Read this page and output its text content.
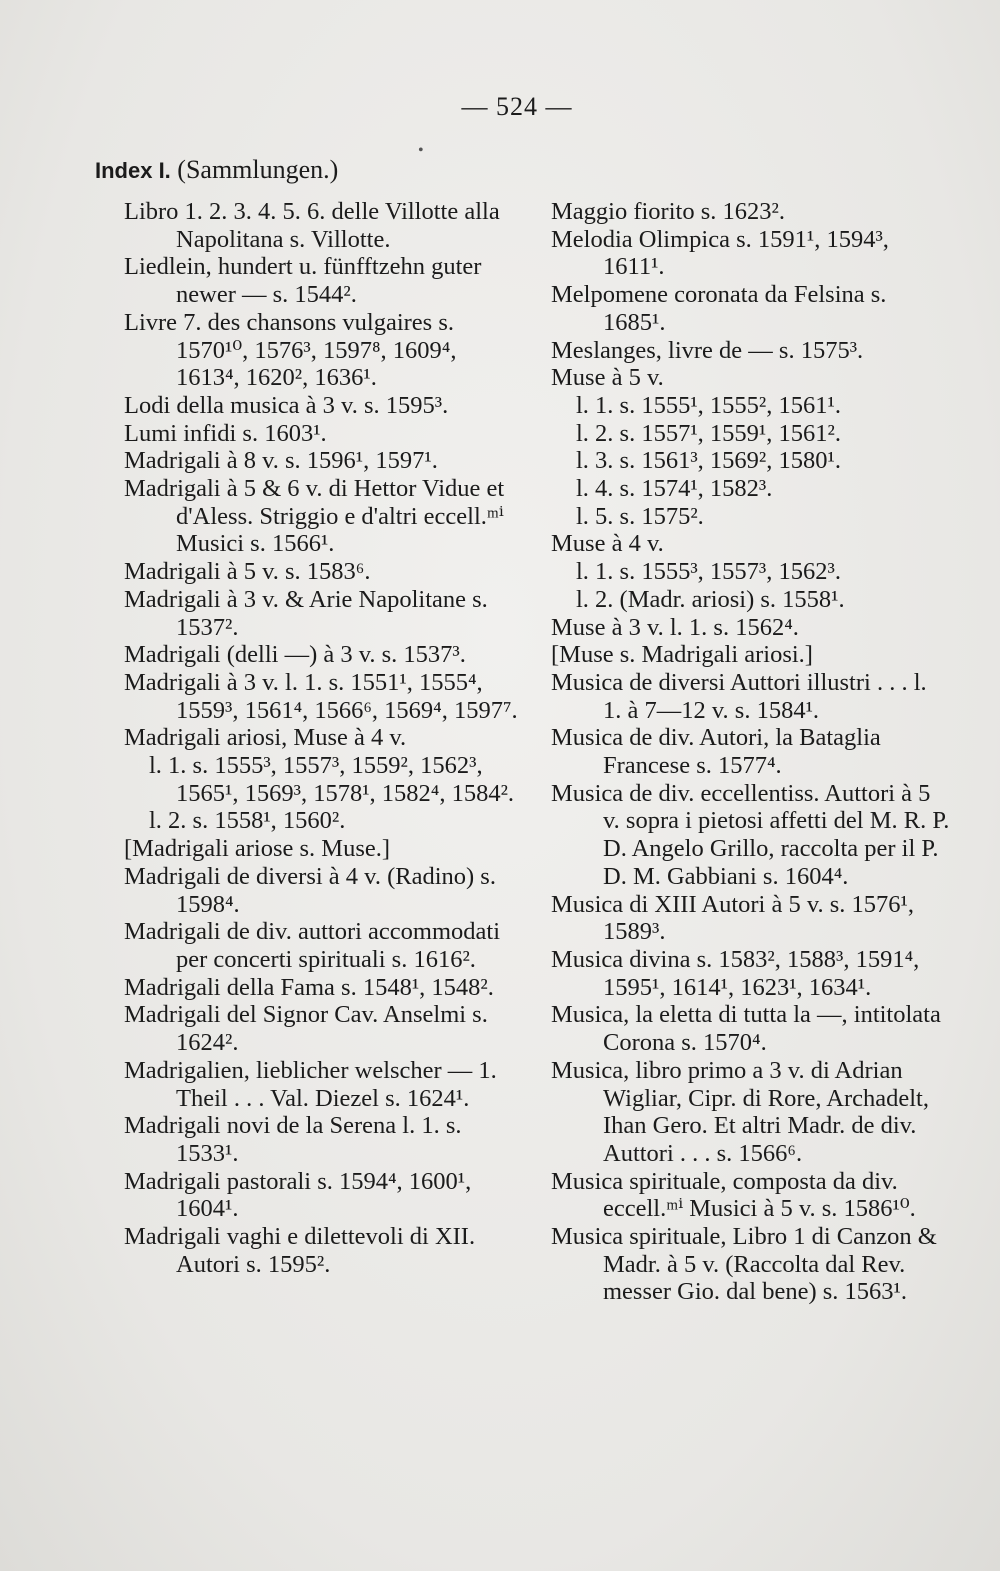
— 524 —
•
Index I. (Sammlungen.)

Libro 1. 2. 3. 4. 5. 6. delle Villotte alla Napolitana s. Villotte.

Liedlein, hundert u. fünfftzehn guter newer — s. 1544².

Livre 7. des chansons vulgaires s. 1570¹⁰, 1576³, 1597⁸, 1609⁴, 1613⁴, 1620², 1636¹.

Lodi della musica à 3 v. s. 1595³.

Lumi infidi s. 1603¹.

Madrigali à 8 v. s. 1596¹, 1597¹.

Madrigali à 5 & 6 v. di Hettor Vidue et d'Aless. Striggio e d'altri eccell.ᵐⁱ Musici s. 1566¹.

Madrigali à 5 v. s. 1583⁶.

Madrigali à 3 v. & Arie Napolitane s. 1537².

Madrigali (delli —) à 3 v. s. 1537³.

Madrigali à 3 v. l. 1. s. 1551¹, 1555⁴, 1559³, 1561⁴, 1566⁶, 1569⁴, 1597⁷.

Madrigali ariosi, Muse à 4 v.

l. 1. s. 1555³, 1557³, 1559², 1562³, 1565¹, 1569³, 1578¹, 1582⁴, 1584².

l. 2. s. 1558¹, 1560².

[Madrigali ariose s. Muse.]

Madrigali de diversi à 4 v. (Radino) s. 1598⁴.

Madrigali de div. auttori accommodati per concerti spirituali s. 1616².

Madrigali della Fama s. 1548¹, 1548².

Madrigali del Signor Cav. Anselmi s. 1624².

Madrigalien, lieblicher welscher — 1. Theil . . . Val. Diezel s. 1624¹.

Madrigali novi de la Serena l. 1. s. 1533¹.

Madrigali pastorali s. 1594⁴, 1600¹, 1604¹.

Madrigali vaghi e dilettevoli di XII. Autori s. 1595².

Maggio fiorito s. 1623².

Melodia Olimpica s. 1591¹, 1594³, 1611¹.

Melpomene coronata da Felsina s. 1685¹.

Meslanges, livre de — s. 1575³.

Muse à 5 v.

l. 1. s. 1555¹, 1555², 1561¹.

l. 2. s. 1557¹, 1559¹, 1561².

l. 3. s. 1561³, 1569², 1580¹.

l. 4. s. 1574¹, 1582³.

l. 5. s. 1575².

Muse à 4 v.

l. 1. s. 1555³, 1557³, 1562³.

l. 2. (Madr. ariosi) s. 1558¹.

Muse à 3 v. l. 1. s. 1562⁴.

[Muse s. Madrigali ariosi.]

Musica de diversi Auttori illustri . . . l. 1. à 7—12 v. s. 1584¹.

Musica de div. Autori, la Bataglia Francese s. 1577⁴.

Musica de div. eccellentiss. Auttori à 5 v. sopra i pietosi affetti del M. R. P. D. Angelo Grillo, raccolta per il P. D. M. Gabbiani s. 1604⁴.

Musica di XIII Autori à 5 v. s. 1576¹, 1589³.

Musica divina s. 1583², 1588³, 1591⁴, 1595¹, 1614¹, 1623¹, 1634¹.

Musica, la eletta di tutta la —, intitolata Corona s. 1570⁴.

Musica, libro primo a 3 v. di Adrian Wigliar, Cipr. di Rore, Archadelt, Ihan Gero. Et altri Madr. de div. Auttori . . . s. 1566⁶.

Musica spirituale, composta da div. eccell.ᵐⁱ Musici à 5 v. s. 1586¹⁰.

Musica spirituale, Libro 1 di Canzon & Madr. à 5 v. (Raccolta dal Rev. messer Gio. dal bene) s. 1563¹.
